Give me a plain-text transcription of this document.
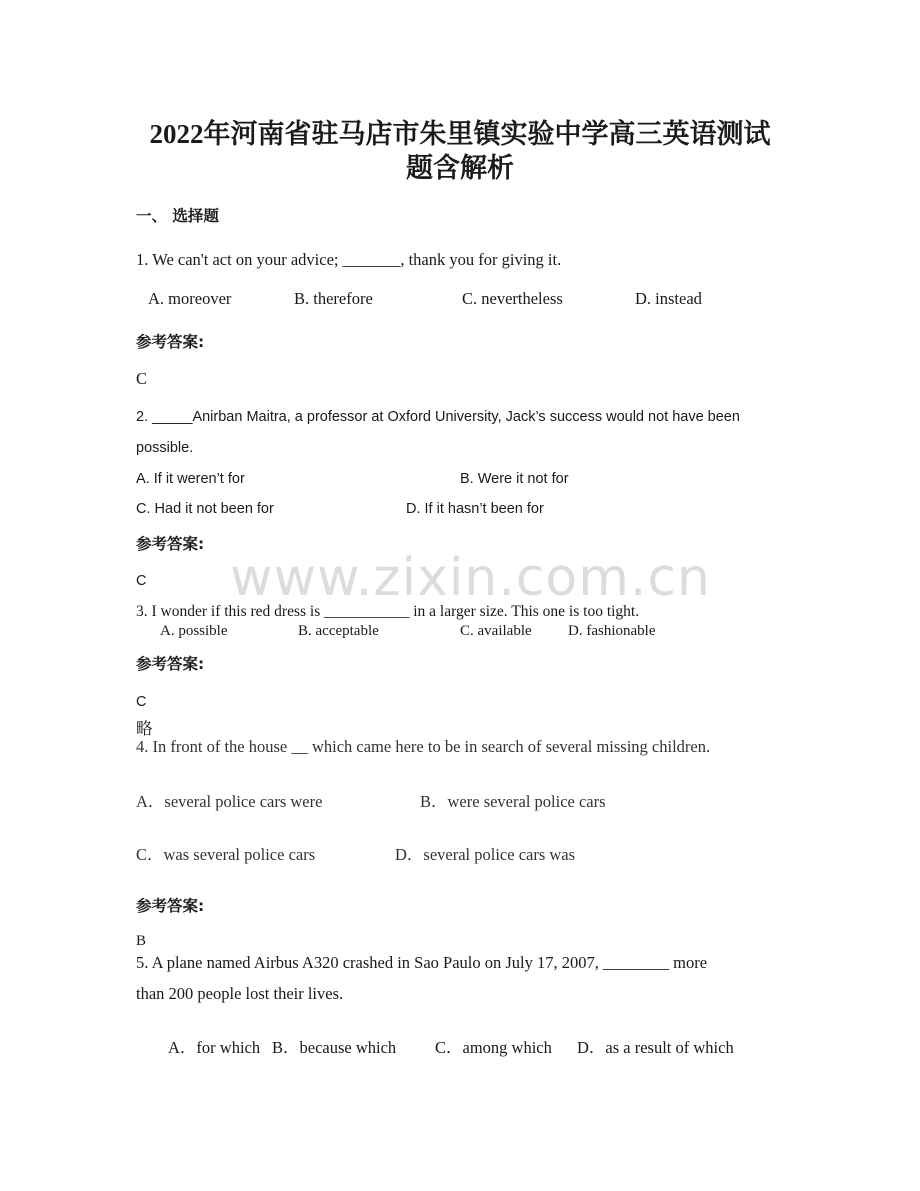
2022年河南省驻马店市朱里镇实验中学高三英语测试
题含解析
一、 选择题
www.zixin.com.cn
1. We can't act on your advice; _______, thank you for giving it.
A. moreover	B. therefore	C. nevertheless	D. instead
参考答案:
C
2. _____Anirban Maitra, a professor at Oxford University, Jack’s success would not have been
possible.
A. If it weren’t for	B. Were it not for
C. Had it not been for	D. If it hasn’t been for
参考答案:
C
3. I wonder if this red dress is ___________ in a larger size. This one is too tight.
A. possible	B. acceptable	C. available D. fashionable
参考答案:
C
略
4. In front of the house __ which came here to be in search of several missing children.
A．several police cars were	B．were several police cars
C．was several police cars	D．several police cars was
参考答案:
B
5. A plane named Airbus A320 crashed in Sao Paulo on July 17, 2007, ________ more
than 200 people lost their lives.
A．for which B．because which C．among which D．as a result of which
